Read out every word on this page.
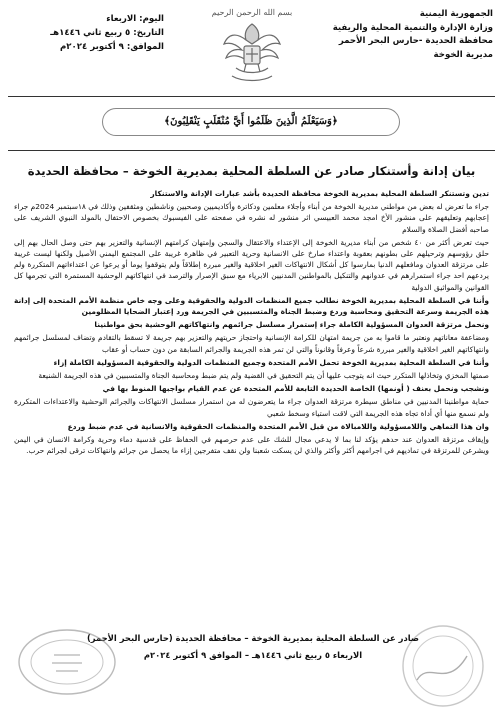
الجمهورية اليمنية
وزارة الإدارة والتنمية المحلية والريفية
محافظة الحديدة -حارس البحر الأحمر
مديرية الخوخة
بسم الله الرحمن الرحيم
اليوم: الاربعاء
التاريخ: ٥ ربيع ثاني ١٤٤٦هـ
الموافق: ٩ أكتوبر ٢٠٢٤م
﴿وَسَيَعْلَمُ الَّذِينَ ظَلَمُوا أَيَّ مُنْقَلَبٍ يَنْقَلِبُونَ﴾
بيان إدانة وأستنكار صادر عن السلطة المحلية بمديرية الخوخة – محافظة الحديدة

تدين وتستنكر السلطة المحلية بمديرية الخوخة محافظة الحديدة بأشد عبارات الإدانة والاستنكار

جراء ما تعرض له بعض من مواطني مديرية الخوخة من أبناء وأجلاء معلمين ودكاترة وأكاديميين وصحيين وناشطين ومثقفين وذلك في ١٨سبتمبر 2024م جراء إعجابهم وتعليقهم على منشور الأخ امجد محمد العبيسي اثر منشور له نشره في صفحته على الفيسبوك بخصوص الاحتفال بالمولد النبوي الشريف على صاحبه أفضل الصلاة والسلام

حيث تعرض أكثر من ٤٠ شخص من أبناء مديرية الخوخة إلى الإعتداء والاعتقال والسجن وإمتهان كرامتهم الإنسانية والتعزير بهم حتى وصل الحال بهم إلى حلق رؤوسهم وترحيلهم على بطونهم بعقوبة واعتداء صارخ على الانسانية وحرية التعبير في ظاهرة غريبة على المجتمع اليمني الأصيل ولكنها ليست غريبة على مرتزقة العدوان ومافعلهم الدنيا بمارسوا كل أشكال الانتهاكات الغير اخلاقية والغير مبررة إطلاقاً ولم يتوقفوا يوما أو يرعوا عن اعتداءاتهم المتكررة ولم يردعهم احد جراء استمرارهم في عدوانهم والتنكيل بالمواطنين المدنيين الابرياء مع سبق الإصرار والترصد في انتهاكاتهم الوحشية المستمرة التي تجرمها كل القوانين والمواثيق الدولية

وأننا في السلطة المحلية بمديرية الخوخة نطالب جميع المنظمات الدولية والحقوقية وعلى وجه خاص منظمة الأمم المتحدة إلى إدانة هذه الجريمة وسرعة التحقيق ومحاسبة وردع وضبط الجناة والمتسببين في الجريمة ورد إعتبار الضحايا المظلومين

ونحمل مرتزقة العدوان المسؤولية الكاملة جراء إستمرار مسلسل جرائمهم وانتهاكاتهم الوحشية بحق مواطنينا

ومضاعفة معاناتهم ونعتبر ما قاموا به من جريمة امتهان للكرامة الإنسانية واحتجاز حريتهم والتعزير بهم جريمة لا تسقط بالتقادم وتضاف لمسلسل جرائمهم وانتهاكاتهم الغير اخلاقية والغير مبررة شرعاً وعرفاً وقانوناً والتي لن تمر هذه الجريمة والجرائم السابقة من دون حساب أو عقاب

وأننا في السلطة المحلية بمديرية الخوخة تحمل الأمم المتحدة وجميع المنظمات الدولية والحقوقية المسؤولية الكاملة إزاء

صمتها المخزي وتخاذلها المتكرر حيث انه يتوجب عليها أن يتم التحقيق في القضية ولم يتم ضبط ومحاسبة الجناة والمتسببين في هذه الجريمة الشنيعة

ونشجب ونحمل بعنف ( أونمها) الخاصة الحديدة التابعة للأمم المتحدة عن عدم القيام بواجبها المنوط بها في

حماية مواطنينا المدنيين في مناطق سيطرة مرتزقة العدوان جراء ما يتعرضون له من استمرار مسلسل الانتهاكات والجرائم الوحشية والاعتداءات المتكررة ولم نسمع منها أي أداة تجاه هذه الجريمة التي لاقت استياء وسخط شعبي

وان هذا التماهي واللامسؤولية واللامبالاة من قبل الأمم المتحدة والمنظمات الحقوقية والانسانية في عدم ضبط وردع

وإيقاف مرتزقة العدوان عند حدهم يؤكد لنا بما لا يدعي مجال للشك على عدم حرصهم في الحفاظ على قدسية دماء وحرية وكرامة الانسان في اليمن ويشرعن للمرتزقة في تماديهم في اجرامهم أكثر وأكثر والذي لن يسكت شعبنا ولن نقف متفرجين إزاء ما يحصل من جرائم وانتهاكات ترقى لجرائم حرب.

صادر عن السلطة المحلية بمديرية الخوخة – محافظة الحديدة (حارس البحر الأحمر)
الاربعاء ٥ ربيع ثاني ١٤٤٦هـ – الموافق ٩ أكتوبر ٢٠٢٤م
